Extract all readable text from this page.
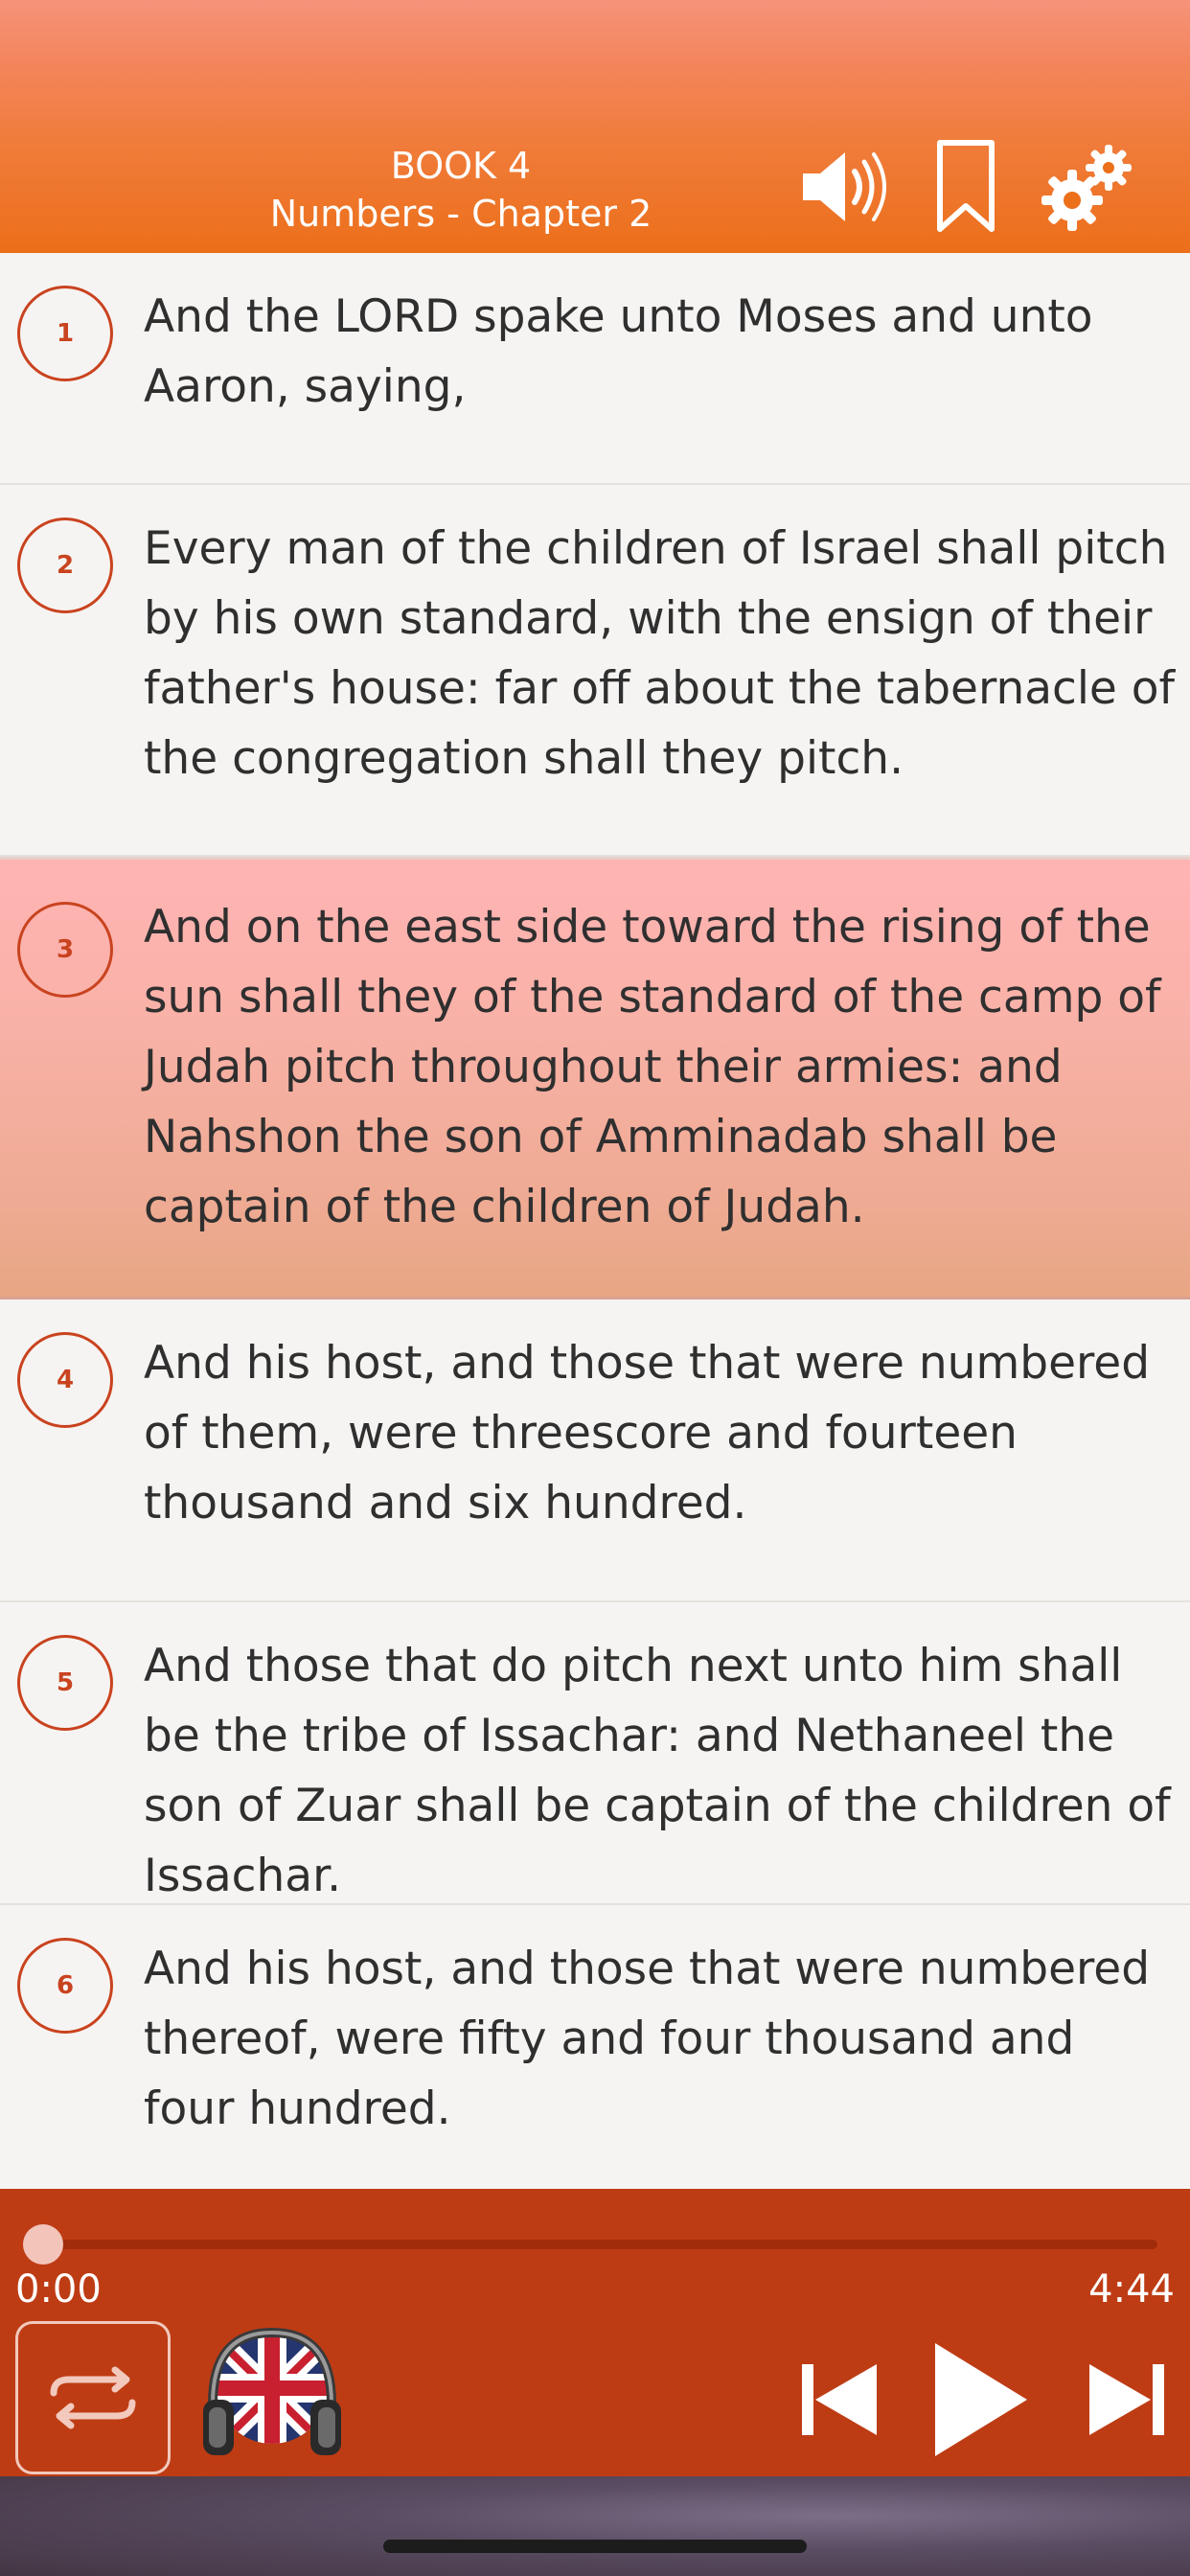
BOOK 4
Numbers - Chapter 2
1	And the LORD spake unto Moses and unto Aaron, saying,
2	Every man of the children of Israel shall pitch by his own standard, with the ensign of their father's house: far off about the tabernacle of the congregation shall they pitch.
3	And on the east side toward the rising of the sun shall they of the standard of the camp of Judah pitch throughout their armies: and Nahshon the son of Amminadab shall be captain of the children of Judah.
4	And his host, and those that were numbered of them, were threescore and fourteen thousand and six hundred.
5	And those that do pitch next unto him shall be the tribe of Issachar: and Nethaneel the son of Zuar shall be captain of the children of Issachar.
6	And his host, and those that were numbered thereof, were fifty and four thousand and four hundred.
0:00	4:44
